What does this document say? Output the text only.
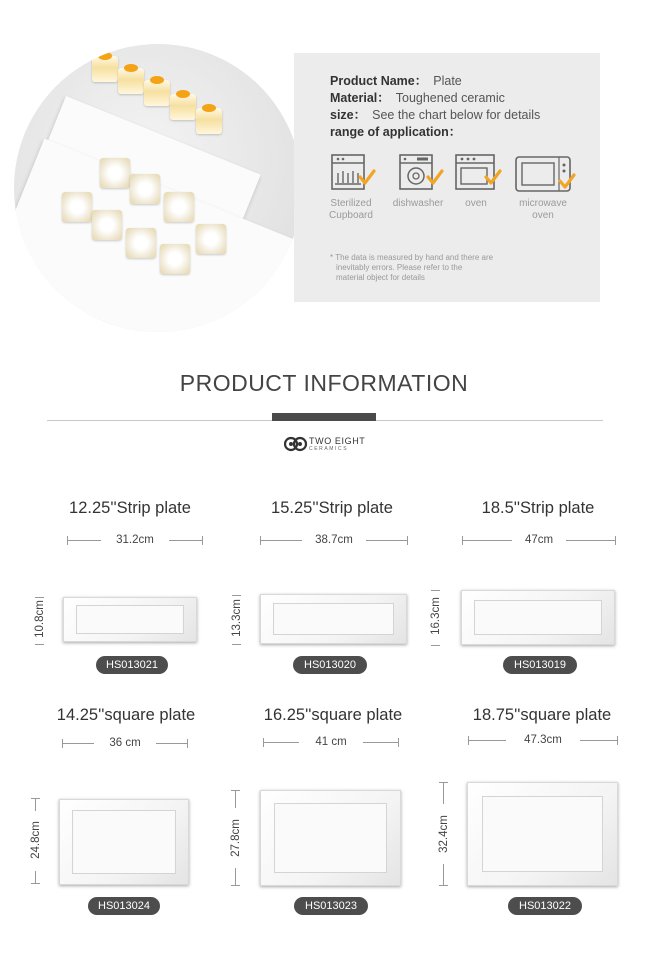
Product Name： Plate
Material： Toughened ceramic
size： See the chart below for details
range of application：
Sterilized
Cupboard
dishwasher	oven	microwave
oven
* The data is measured by hand and there are
inevitably errors. Please refer to the
material object for details
PRODUCT INFORMATION
TWO EIGHT
CERAMICS
12.25''Strip plate
31.2cm
10.8cm
HS013021
15.25''Strip plate
38.7cm
13.3cm
HS013020
18.5''Strip plate
47cm
16.3cm
HS013019
14.25''square plate
36 cm
24.8cm
HS013024
16.25''square plate
41 cm
27.8cm
HS013023
18.75''square plate
47.3cm
32.4cm
HS013022
